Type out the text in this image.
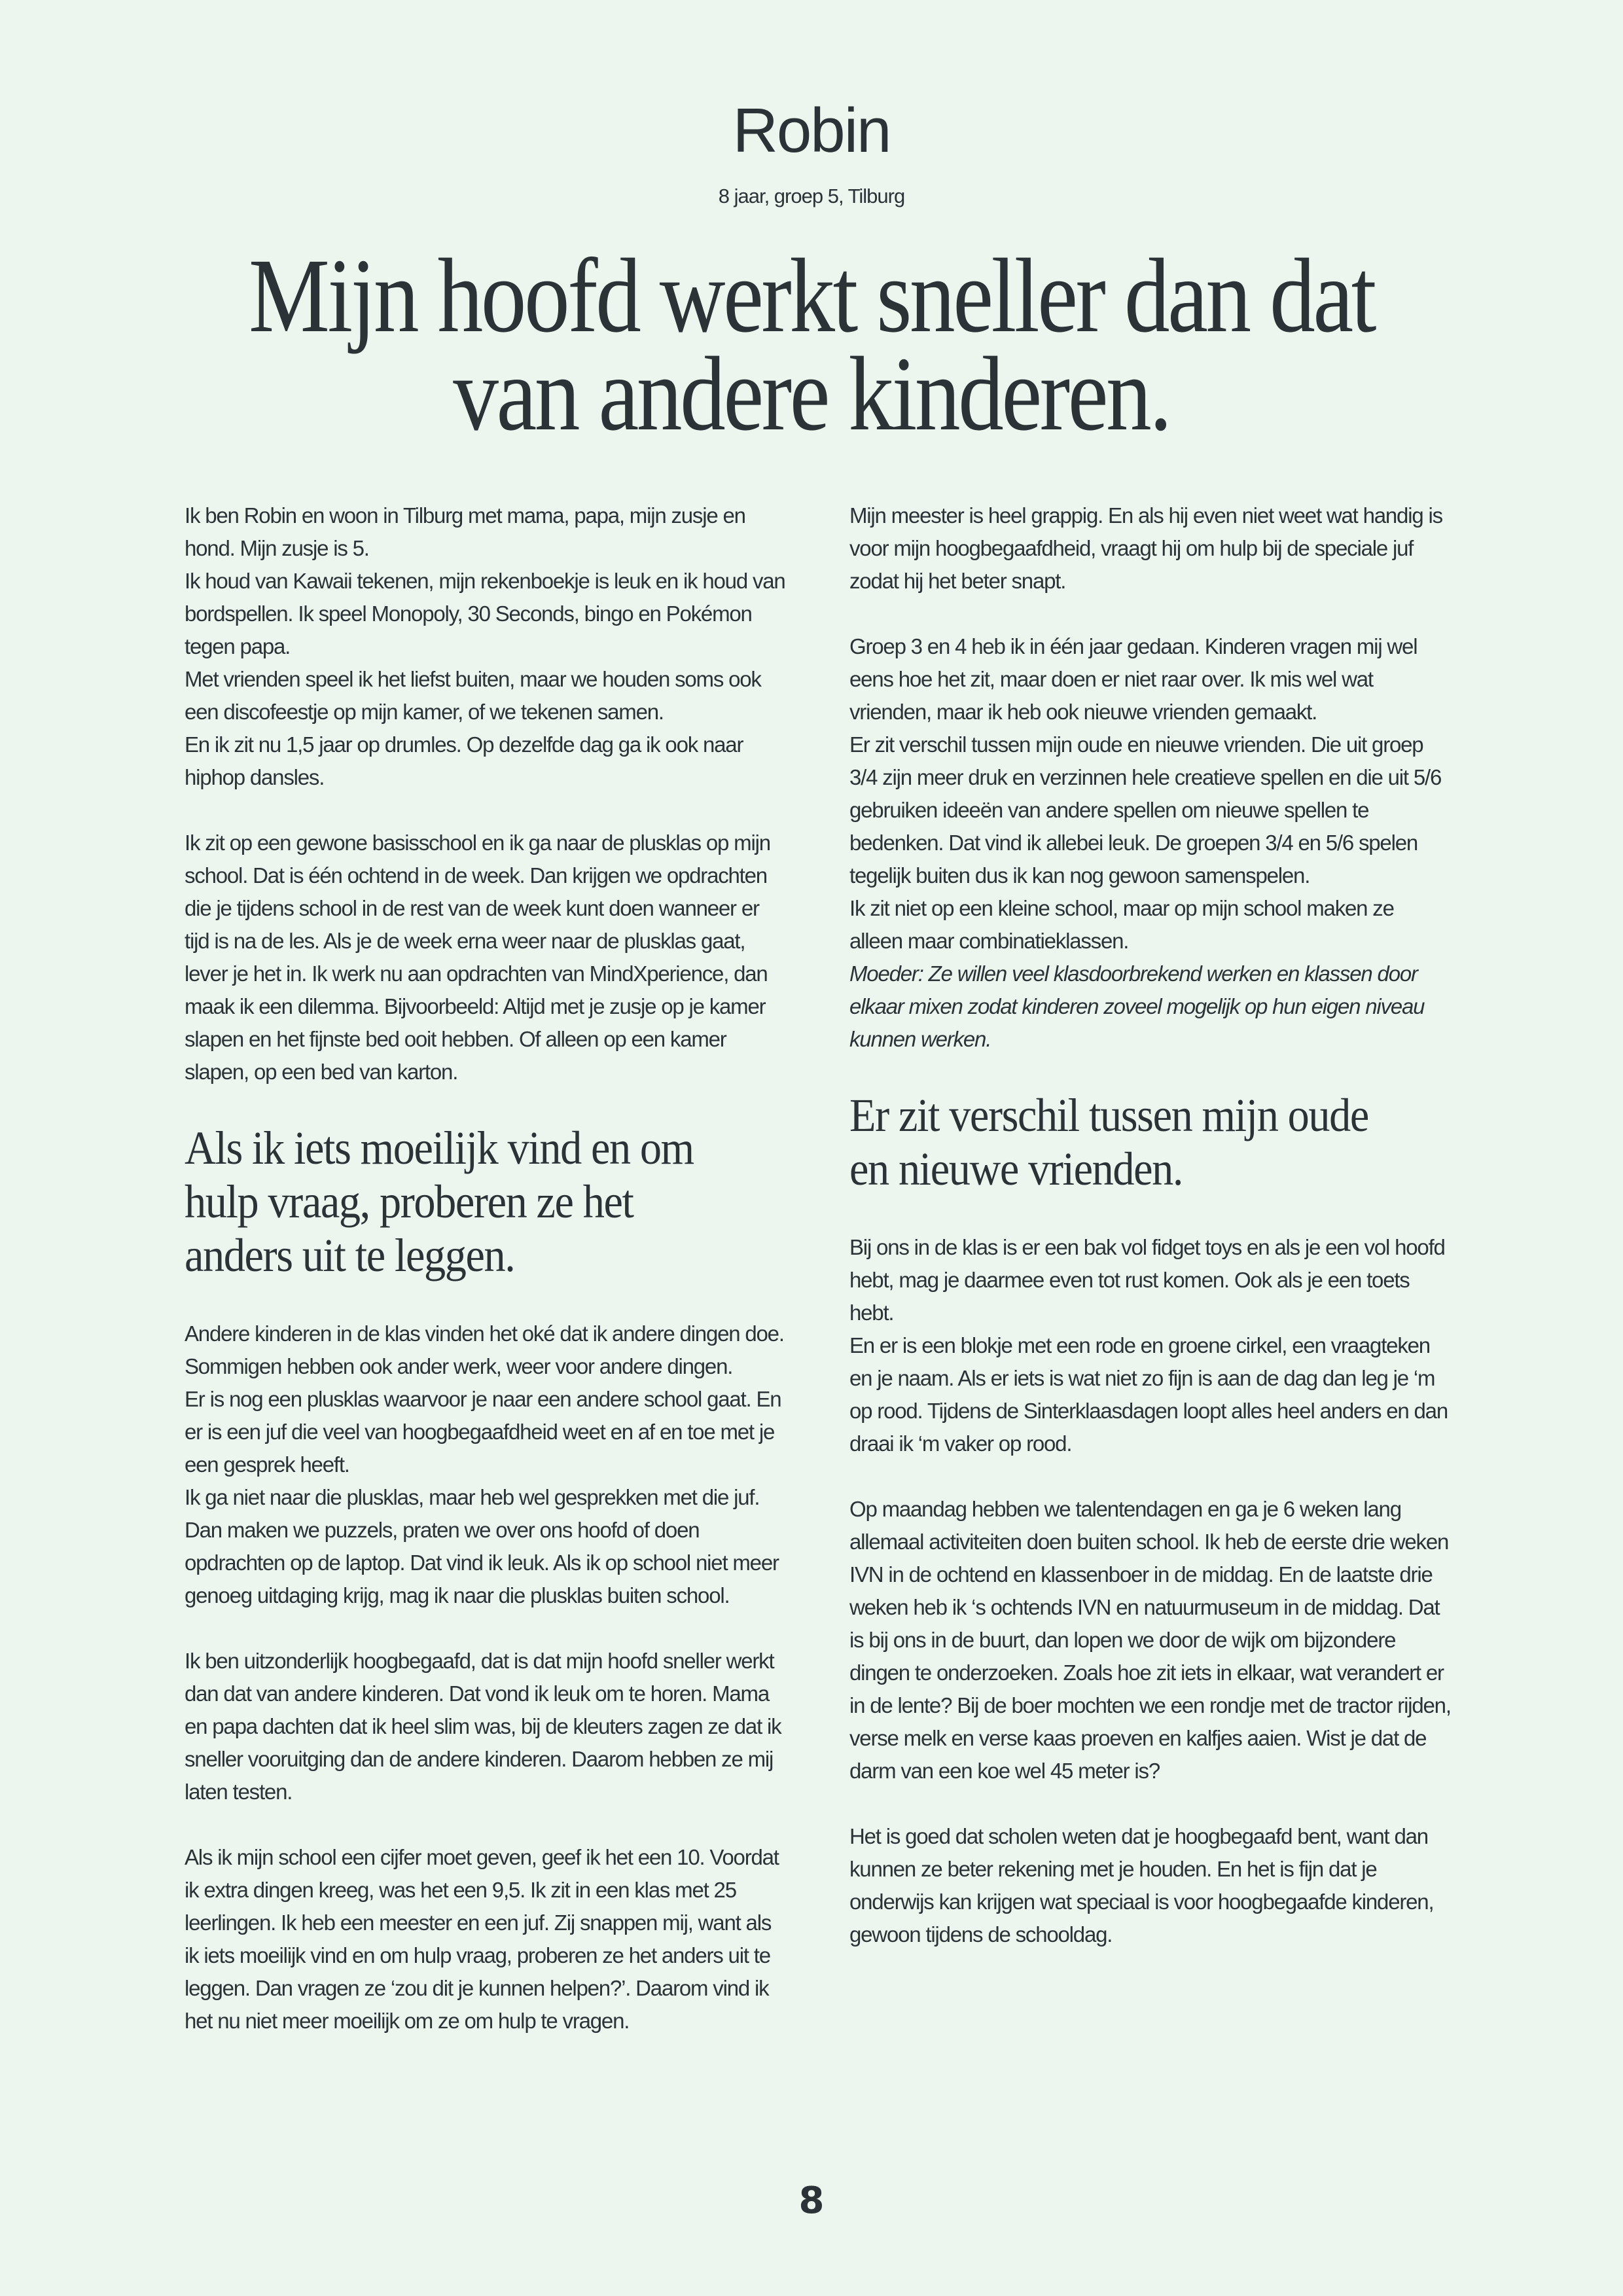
Robin
8 jaar, groep 5, Tilburg
Mijn hoofd werkt sneller dan dat van andere kinderen.

Ik ben Robin en woon in Tilburg met mama, papa, mijn zusje en hond. Mijn zusje is 5.
Ik houd van Kawaii tekenen, mijn rekenboekje is leuk en ik houd van bordspellen. Ik speel Monopoly, 30 Seconds, bingo en Pokémon tegen papa.
Met vrienden speel ik het liefst buiten, maar we houden soms ook een discofeestje op mijn kamer, of we tekenen samen.
En ik zit nu 1,5 jaar op drumles. Op dezelfde dag ga ik ook naar hiphop dansles.

Ik zit op een gewone basisschool en ik ga naar de plusklas op mijn school. Dat is één ochtend in de week. Dan krijgen we opdrachten die je tijdens school in de rest van de week kunt doen wanneer er tijd is na de les. Als je de week erna weer naar de plusklas gaat, lever je het in. Ik werk nu aan opdrachten van MindXperience, dan maak ik een dilemma. Bijvoorbeeld: Altijd met je zusje op je kamer slapen en het fijnste bed ooit hebben. Of alleen op een kamer slapen, op een bed van karton.

Als ik iets moeilijk vind en om hulp vraag, proberen ze het anders uit te leggen.

Andere kinderen in de klas vinden het oké dat ik andere dingen doe. Sommigen hebben ook ander werk, weer voor andere dingen.
Er is nog een plusklas waarvoor je naar een andere school gaat. En er is een juf die veel van hoogbegaafdheid weet en af en toe met je een gesprek heeft.
Ik ga niet naar die plusklas, maar heb wel gesprekken met die juf. Dan maken we puzzels, praten we over ons hoofd of doen opdrachten op de laptop. Dat vind ik leuk. Als ik op school niet meer genoeg uitdaging krijg, mag ik naar die plusklas buiten school.

Ik ben uitzonderlijk hoogbegaafd, dat is dat mijn hoofd sneller werkt dan dat van andere kinderen. Dat vond ik leuk om te horen. Mama en papa dachten dat ik heel slim was, bij de kleuters zagen ze dat ik sneller vooruitging dan de andere kinderen. Daarom hebben ze mij laten testen.

Als ik mijn school een cijfer moet geven, geef ik het een 10. Voordat ik extra dingen kreeg, was het een 9,5. Ik zit in een klas met 25 leerlingen. Ik heb een meester en een juf. Zij snappen mij, want als ik iets moeilijk vind en om hulp vraag, proberen ze het anders uit te leggen. Dan vragen ze ‘zou dit je kunnen helpen?’. Daarom vind ik het nu niet meer moeilijk om ze om hulp te vragen.

Mijn meester is heel grappig. En als hij even niet weet wat handig is voor mijn hoogbegaafdheid, vraagt hij om hulp bij de speciale juf zodat hij het beter snapt.

Groep 3 en 4 heb ik in één jaar gedaan. Kinderen vragen mij wel eens hoe het zit, maar doen er niet raar over. Ik mis wel wat vrienden, maar ik heb ook nieuwe vrienden gemaakt.
Er zit verschil tussen mijn oude en nieuwe vrienden. Die uit groep 3/4 zijn meer druk en verzinnen hele creatieve spellen en die uit 5/6 gebruiken ideeën van andere spellen om nieuwe spellen te bedenken. Dat vind ik allebei leuk. De groepen 3/4 en 5/6 spelen tegelijk buiten dus ik kan nog gewoon samenspelen.
Ik zit niet op een kleine school, maar op mijn school maken ze alleen maar combinatieklassen.
Moeder: Ze willen veel klasdoorbrekend werken en klassen door elkaar mixen zodat kinderen zoveel mogelijk op hun eigen niveau kunnen werken.

Er zit verschil tussen mijn oude en nieuwe vrienden.

Bij ons in de klas is er een bak vol fidget toys en als je een vol hoofd hebt, mag je daarmee even tot rust komen. Ook als je een toets hebt.
En er is een blokje met een rode en groene cirkel, een vraagteken en je naam. Als er iets is wat niet zo fijn is aan de dag dan leg je ‘m op rood. Tijdens de Sinterklaasdagen loopt alles heel anders en dan draai ik ‘m vaker op rood.

Op maandag hebben we talentendagen en ga je 6 weken lang allemaal activiteiten doen buiten school. Ik heb de eerste drie weken IVN in de ochtend en klassenboer in de middag. En de laatste drie weken heb ik ‘s ochtends IVN en natuurmuseum in de middag. Dat is bij ons in de buurt, dan lopen we door de wijk om bijzondere dingen te onderzoeken. Zoals hoe zit iets in elkaar, wat verandert er in de lente? Bij de boer mochten we een rondje met de tractor rijden, verse melk en verse kaas proeven en kalfjes aaien. Wist je dat de darm van een koe wel 45 meter is?

Het is goed dat scholen weten dat je hoogbegaafd bent, want dan kunnen ze beter rekening met je houden. En het is fijn dat je onderwijs kan krijgen wat speciaal is voor hoogbegaafde kinderen, gewoon tijdens de schooldag.

8
